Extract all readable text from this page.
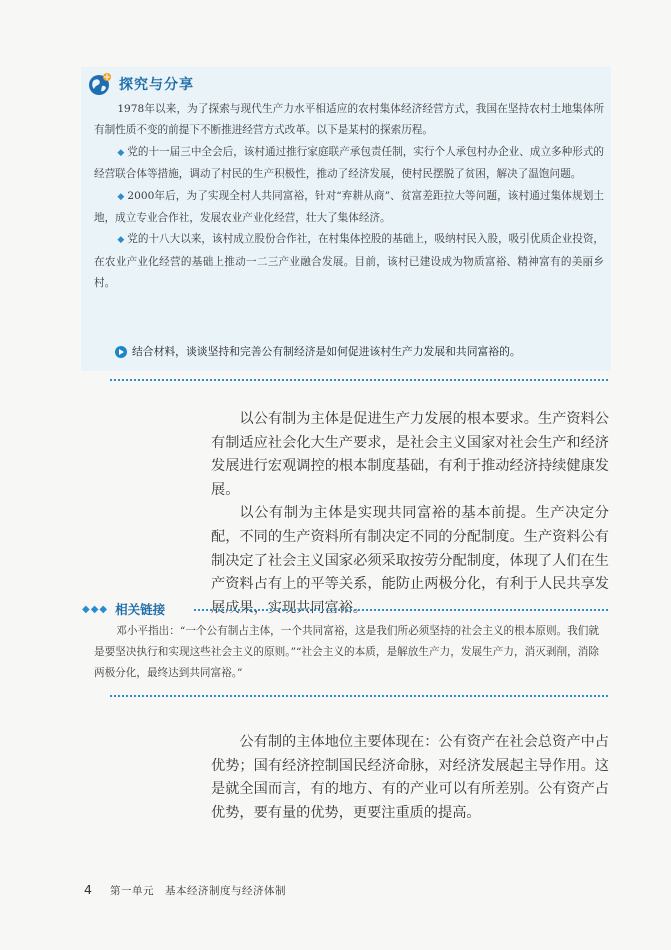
探究与分享

1978年以来，为了探索与现代生产力水平相适应的农村集体经济经营方式，我国在坚持农村土地集体所有制性质不变的前提下不断推进经营方式改革。以下是某村的探索历程。

◆ 党的十一届三中全会后，该村通过推行家庭联产承包责任制，实行个人承包村办企业、成立多种形式的经营联合体等措施，调动了村民的生产积极性，推动了经济发展，使村民摆脱了贫困，解决了温饱问题。

◆ 2000年后，为了实现全村人共同富裕，针对“弃耕从商”、贫富差距拉大等问题，该村通过集体规划土地，成立专业合作社，发展农业产业化经营，壮大了集体经济。

◆ 党的十八大以来，该村成立股份合作社，在村集体控股的基础上，吸纳村民入股，吸引优质企业投资，在农业产业化经营的基础上推动一二三产业融合发展。目前，该村已建设成为物质富裕、精神富有的美丽乡村。

结合材料，谈谈坚持和完善公有制经济是如何促进该村生产力发展和共同富裕的。

以公有制为主体是促进生产力发展的根本要求。生产资料公有制适应社会化大生产要求，是社会主义国家对社会生产和经济发展进行宏观调控的根本制度基础，有利于推动经济持续健康发展。

以公有制为主体是实现共同富裕的基本前提。生产决定分配，不同的生产资料所有制决定不同的分配制度。生产资料公有制决定了社会主义国家必须采取按劳分配制度，体现了人们在生产资料占有上的平等关系，能防止两极分化，有利于人民共享发展成果，实现共同富裕。

◆◆◆ 相关链接

邓小平指出：“一个公有制占主体，一个共同富裕，这是我们所必须坚持的社会主义的根本原则。我们就是要坚决执行和实现这些社会主义的原则。”“社会主义的本质，是解放生产力，发展生产力，消灭剥削，消除两极分化，最终达到共同富裕。”

公有制的主体地位主要体现在：公有资产在社会总资产中占优势；国有经济控制国民经济命脉，对经济发展起主导作用。这是就全国而言，有的地方、有的产业可以有所差别。公有资产占优势，要有量的优势，更要注重质的提高。

4 第一单元　基本经济制度与经济体制
